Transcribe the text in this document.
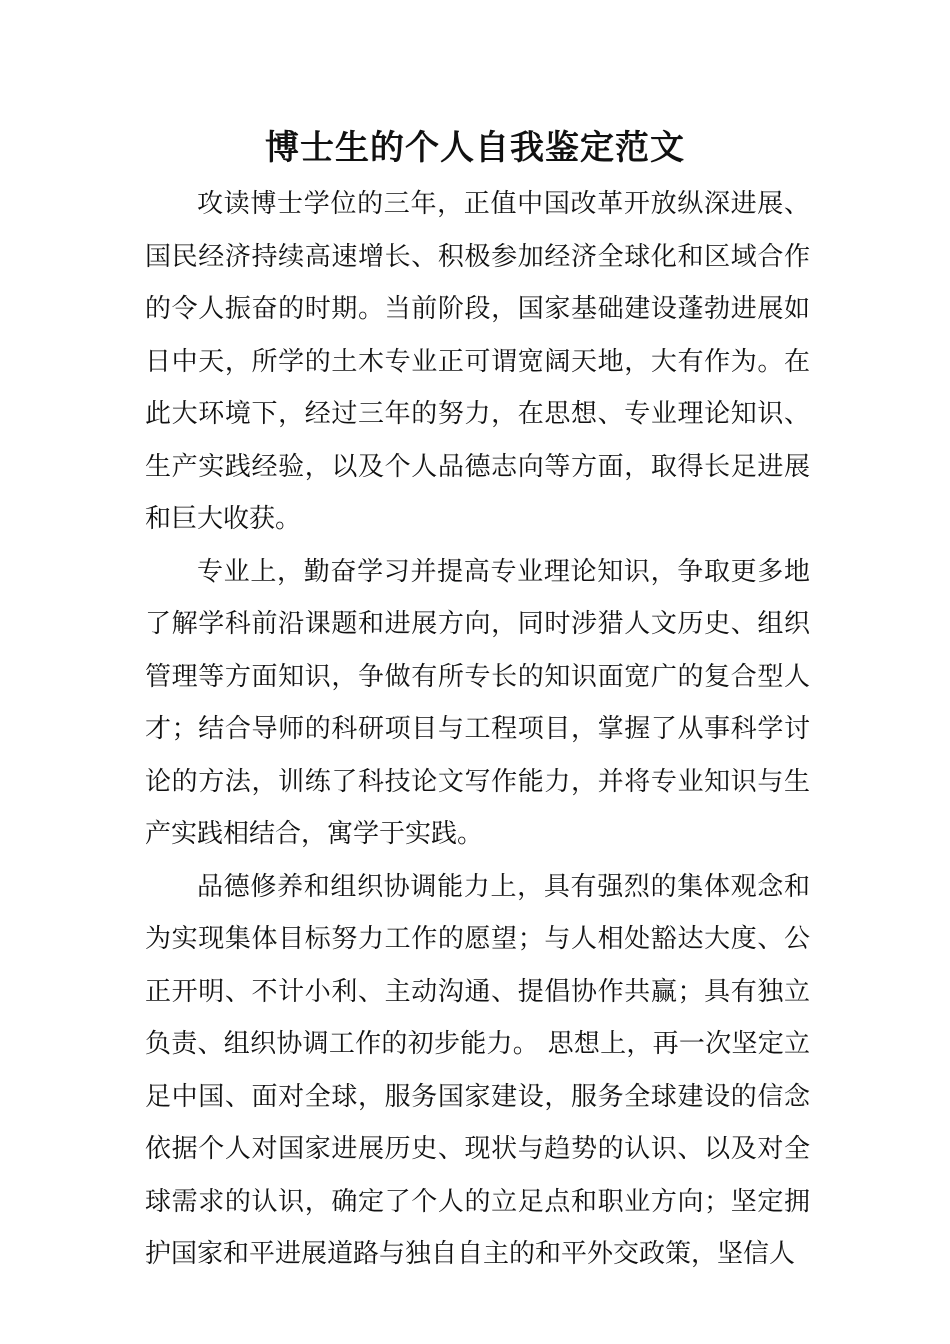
博士生的个人自我鉴定范文

攻读博士学位的三年，正值中国改革开放纵深进展、国民经济持续高速增长、积极参加经济全球化和区域合作的令人振奋的时期。当前阶段，国家基础建设蓬勃进展如日中天，所学的土木专业正可谓宽阔天地，大有作为。在此大环境下，经过三年的努力，在思想、专业理论知识、生产实践经验，以及个人品德志向等方面，取得长足进展和巨大收获。

专业上，勤奋学习并提高专业理论知识，争取更多地了解学科前沿课题和进展方向，同时涉猎人文历史、组织管理等方面知识，争做有所专长的知识面宽广的复合型人才；结合导师的科研项目与工程项目，掌握了从事科学讨论的方法，训练了科技论文写作能力，并将专业知识与生产实践相结合，寓学于实践。

品德修养和组织协调能力上，具有强烈的集体观念和为实现集体目标努力工作的愿望；与人相处豁达大度、公正开明、不计小利、主动沟通、提倡协作共赢；具有独立负责、组织协调工作的初步能力。 思想上，再一次坚定立足中国、面对全球，服务国家建设，服务全球建设的信念依据个人对国家进展历史、现状与趋势的认识、以及对全球需求的认识，确定了个人的立足点和职业方向；坚定拥护国家和平进展道路与独自自主的和平外交政策，坚信人
